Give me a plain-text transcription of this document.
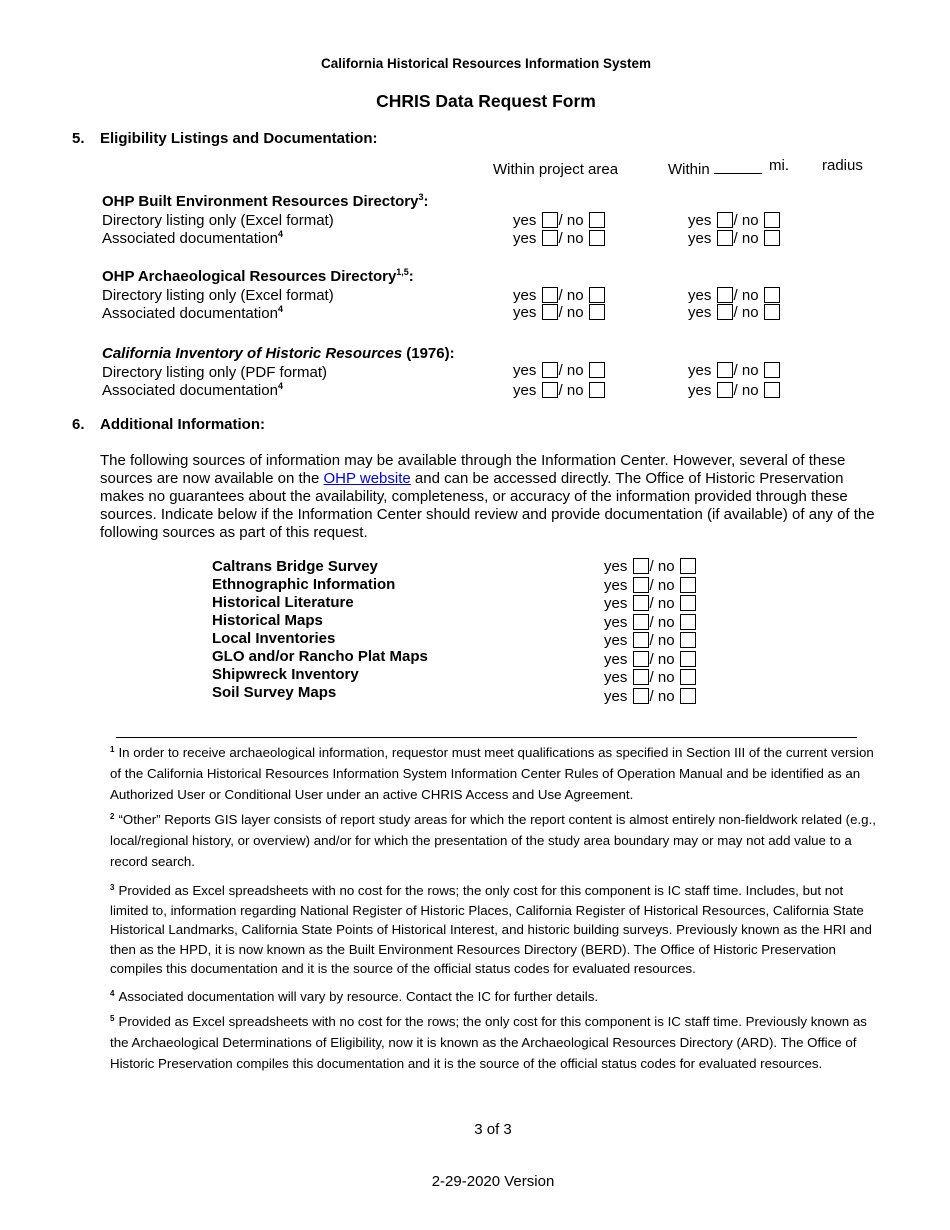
California Historical Resources Information System
CHRIS Data Request Form
5. Eligibility Listings and Documentation:
Within project area	Within	mi. radius
OHP Built Environment Resources Directory$^3$:
Directory listing only (Excel format)
Associated documentation$^4$
yes / no
yes / no
yes / no
yes / no
OHP Archaeological Resources Directory$^{1,5}$:
Directory listing only (Excel format)
Associated documentation$^4$
yes / no
yes / no
yes / no
yes / no
California Inventory of Historic Resources (1976):
Directory listing only (PDF format)
Associated documentation$^4$
yes / no
yes / no
yes / no
yes / no
6. Additional Information:
The following sources of information may be available through the Information Center. However, several of these sources are now available on the OHP website and can be accessed directly. The Office of Historic Preservation makes no guarantees about the availability, completeness, or accuracy of the information provided through these sources. Indicate below if the Information Center should review and provide documentation (if available) of any of the following sources as part of this request.
Caltrans Bridge Survey
Ethnographic Information
Historical Literature
Historical Maps
Local Inventories
GLO and/or Rancho Plat Maps
Shipwreck Inventory
Soil Survey Maps
yes / no
yes / no
yes / no
yes / no
yes / no
yes / no
yes / no
yes / no
$^1$ In order to receive archaeological information, requestor must meet qualifications as specified in Section III of the current version of the California Historical Resources Information System Information Center Rules of Operation Manual and be identified as an Authorized User or Conditional User under an active CHRIS Access and Use Agreement.
$^2$ “Other” Reports GIS layer consists of report study areas for which the report content is almost entirely non-fieldwork related (e.g., local/regional history, or overview) and/or for which the presentation of the study area boundary may or may not add value to a record search.
$^3$ Provided as Excel spreadsheets with no cost for the rows; the only cost for this component is IC staff time. Includes, but not limited to, information regarding National Register of Historic Places, California Register of Historical Resources, California State Historical Landmarks, California State Points of Historical Interest, and historic building surveys. Previously known as the HRI and then as the HPD, it is now known as the Built Environment Resources Directory (BERD). The Office of Historic Preservation compiles this documentation and it is the source of the official status codes for evaluated resources.
$^4$ Associated documentation will vary by resource. Contact the IC for further details.
$^5$ Provided as Excel spreadsheets with no cost for the rows; the only cost for this component is IC staff time. Previously known as the Archaeological Determinations of Eligibility, now it is known as the Archaeological Resources Directory (ARD). The Office of Historic Preservation compiles this documentation and it is the source of the official status codes for evaluated resources.
3 of 3
2-29-2020 Version
